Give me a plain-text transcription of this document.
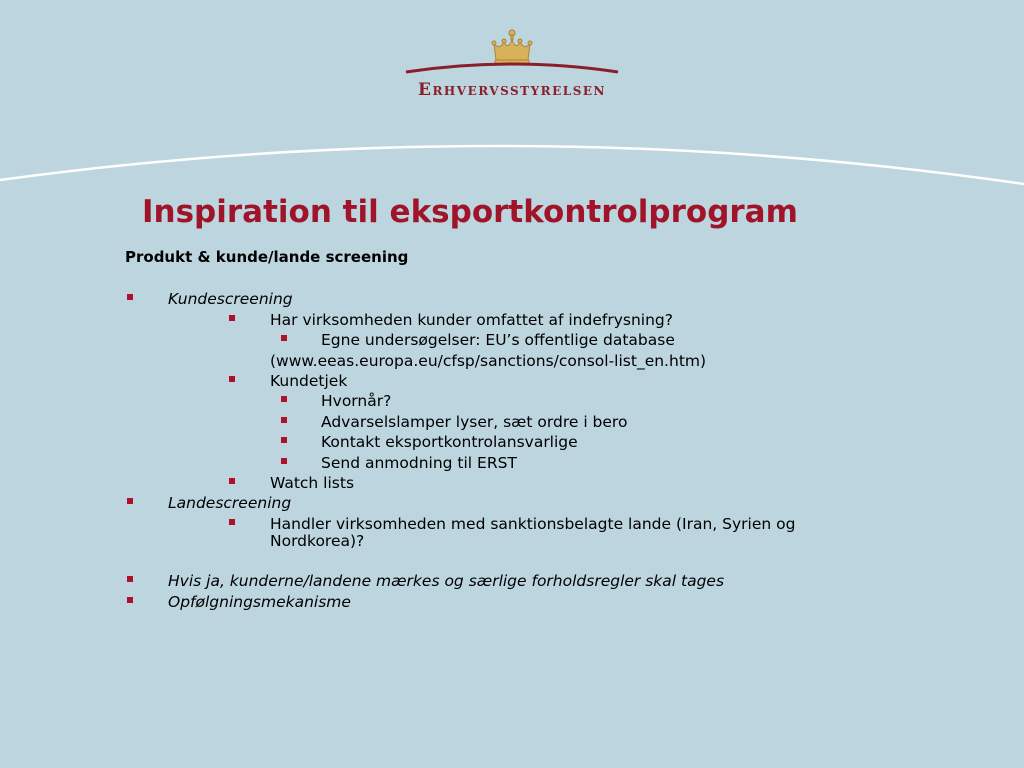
Erhvervsstyrelsen
Inspiration til eksportkontrolprogram
Produkt & kunde/lande screening
Kundescreening
Har virksomheden kunder omfattet af indefrysning?
Egne undersøgelser: EU’s offentlige database
(www.eeas.europa.eu/cfsp/sanctions/consol-list_en.htm)
Kundetjek
Hvornår?
Advarselslamper lyser, sæt ordre i bero
Kontakt eksportkontrolansvarlige
Send anmodning til ERST
Watch lists
Landescreening
Handler virksomheden med sanktionsbelagte lande (Iran, Syrien og
Nordkorea)?
Hvis ja, kunderne/landene mærkes og særlige forholdsregler skal tages
Opfølgningsmekanisme
